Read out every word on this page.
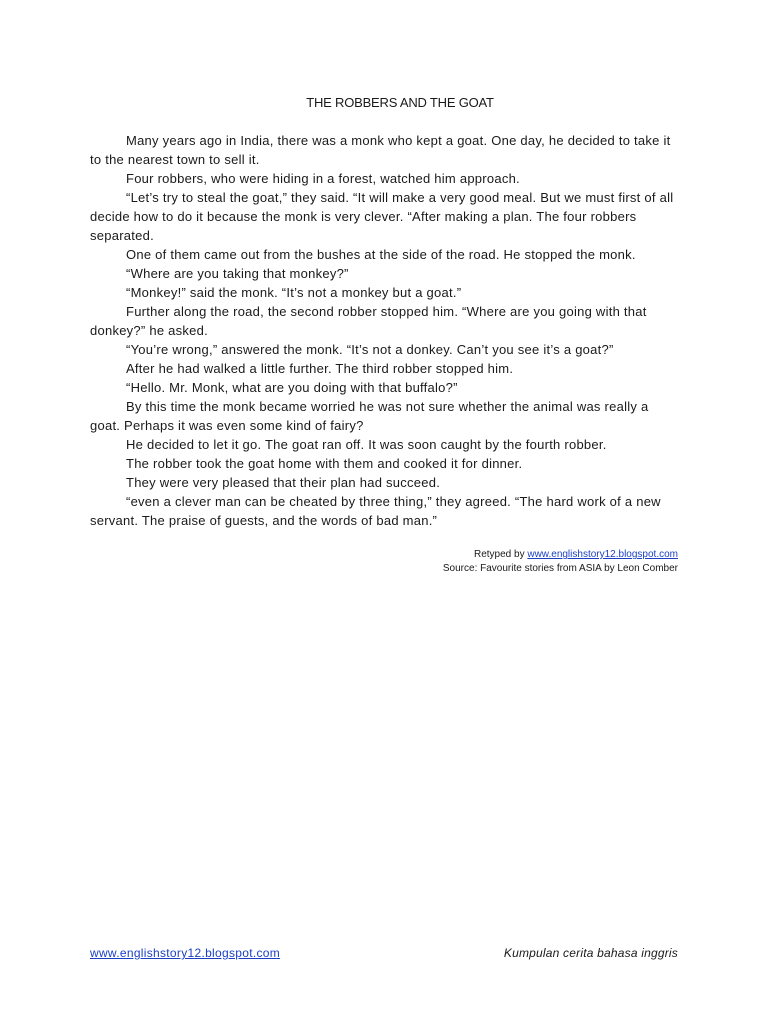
THE ROBBERS AND THE GOAT

Many years ago in India, there was a monk who kept a goat. One day, he decided to take it to the nearest town to sell it.

Four robbers, who were hiding in a forest, watched him approach.

“Let’s try to steal the goat,” they said. “It will make a very good meal. But we must first of all decide how to do it because the monk is very clever. “After making a plan. The four robbers separated.

One of them came out from the bushes at the side of the road. He stopped the monk.

“Where are you taking that monkey?”

“Monkey!” said the monk. “It’s not a monkey but a goat.”

Further along the road, the second robber stopped him. “Where are you going with that donkey?” he asked.

“You’re wrong,” answered the monk. “It’s not a donkey. Can’t you see it’s a goat?”

After he had walked a little further. The third robber stopped him.

“Hello. Mr. Monk, what are you doing with that buffalo?”

By this time the monk became worried he was not sure whether the animal was really a goat. Perhaps it was even some kind of fairy?

He decided to let it go. The goat ran off. It was soon caught by the fourth robber.

The robber took the goat home with them and cooked it for dinner.

They were very pleased that their plan had succeed.

“even a clever man can be cheated by three thing,” they agreed. “The hard work of a new servant. The praise of guests, and the words of bad man.”

Retyped by www.englishstory12.blogspot.com
Source: Favourite stories from ASIA by Leon Comber
www.englishstory12.blogspot.com	Kumpulan cerita bahasa inggris
